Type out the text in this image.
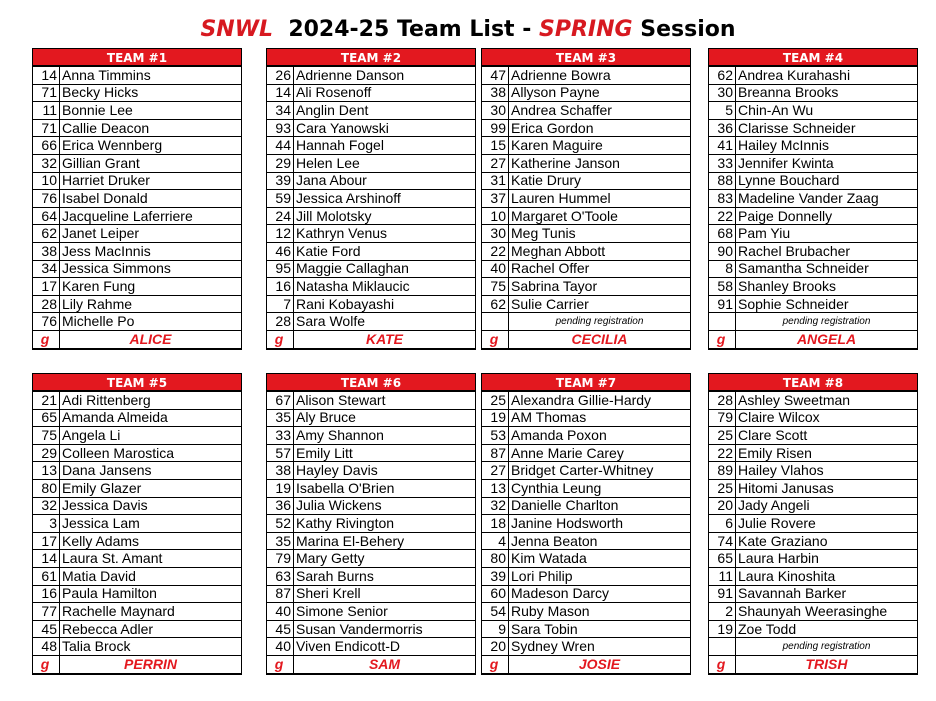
SNWL 2024-25 Team List - SPRING Session
TEAM #1
14	Anna Timmins
71	Becky Hicks
11	Bonnie Lee
71	Callie Deacon
66	Erica Wennberg
32	Gillian Grant
10	Harriet Druker
76	Isabel Donald
64	Jacqueline Laferriere
62	Janet Leiper
38	Jess MacInnis
34	Jessica Simmons
17	Karen Fung
28	Lily Rahme
76	Michelle Po
g	ALICE
TEAM #2
26	Adrienne Danson
14	Ali Rosenoff
34	Anglin Dent
93	Cara Yanowski
44	Hannah Fogel
29	Helen Lee
39	Jana Abour
59	Jessica Arshinoff
24	Jill Molotsky
12	Kathryn Venus
46	Katie Ford
95	Maggie Callaghan
16	Natasha Miklaucic
7	Rani Kobayashi
28	Sara Wolfe
g	KATE
TEAM #3
47	Adrienne Bowra
38	Allyson Payne
30	Andrea Schaffer
99	Erica Gordon
15	Karen Maguire
27	Katherine Janson
31	Katie Drury
37	Lauren Hummel
10	Margaret O'Toole
30	Meg Tunis
22	Meghan Abbott
40	Rachel Offer
75	Sabrina Tayor
62	Sulie Carrier
	pending registration
g	CECILIA
TEAM #4
62	Andrea Kurahashi
30	Breanna Brooks
5	Chin-An Wu
36	Clarisse Schneider
41	Hailey McInnis
33	Jennifer Kwinta
88	Lynne Bouchard
83	Madeline Vander Zaag
22	Paige Donnelly
68	Pam Yiu
90	Rachel Brubacher
8	Samantha Schneider
58	Shanley Brooks
91	Sophie Schneider
	pending registration
g	ANGELA
TEAM #5
21	Adi Rittenberg
65	Amanda Almeida
75	Angela Li
29	Colleen Marostica
13	Dana Jansens
80	Emily Glazer
32	Jessica Davis
3	Jessica Lam
17	Kelly Adams
14	Laura St. Amant
61	Matia David
16	Paula Hamilton
77	Rachelle Maynard
45	Rebecca Adler
48	Talia Brock
g	PERRIN
TEAM #6
67	Alison Stewart
35	Aly Bruce
33	Amy Shannon
57	Emily Litt
38	Hayley Davis
19	Isabella O'Brien
36	Julia Wickens
52	Kathy Rivington
35	Marina El-Behery
79	Mary Getty
63	Sarah Burns
87	Sheri Krell
40	Simone Senior
45	Susan Vandermorris
40	Viven Endicott-D
g	SAM
TEAM #7
25	Alexandra Gillie-Hardy
19	AM Thomas
53	Amanda Poxon
87	Anne Marie Carey
27	Bridget Carter-Whitney
13	Cynthia Leung
32	Danielle Charlton
18	Janine Hodsworth
4	Jenna Beaton
80	Kim Watada
39	Lori Philip
60	Madeson Darcy
54	Ruby Mason
9	Sara Tobin
20	Sydney Wren
g	JOSIE
TEAM #8
28	Ashley Sweetman
79	Claire Wilcox
25	Clare Scott
22	Emily Risen
89	Hailey Vlahos
25	Hitomi Janusas
20	Jady Angeli
6	Julie Rovere
74	Kate Graziano
65	Laura Harbin
11	Laura Kinoshita
91	Savannah Barker
2	Shaunyah Weerasinghe
19	Zoe Todd
	pending registration
g	TRISH
